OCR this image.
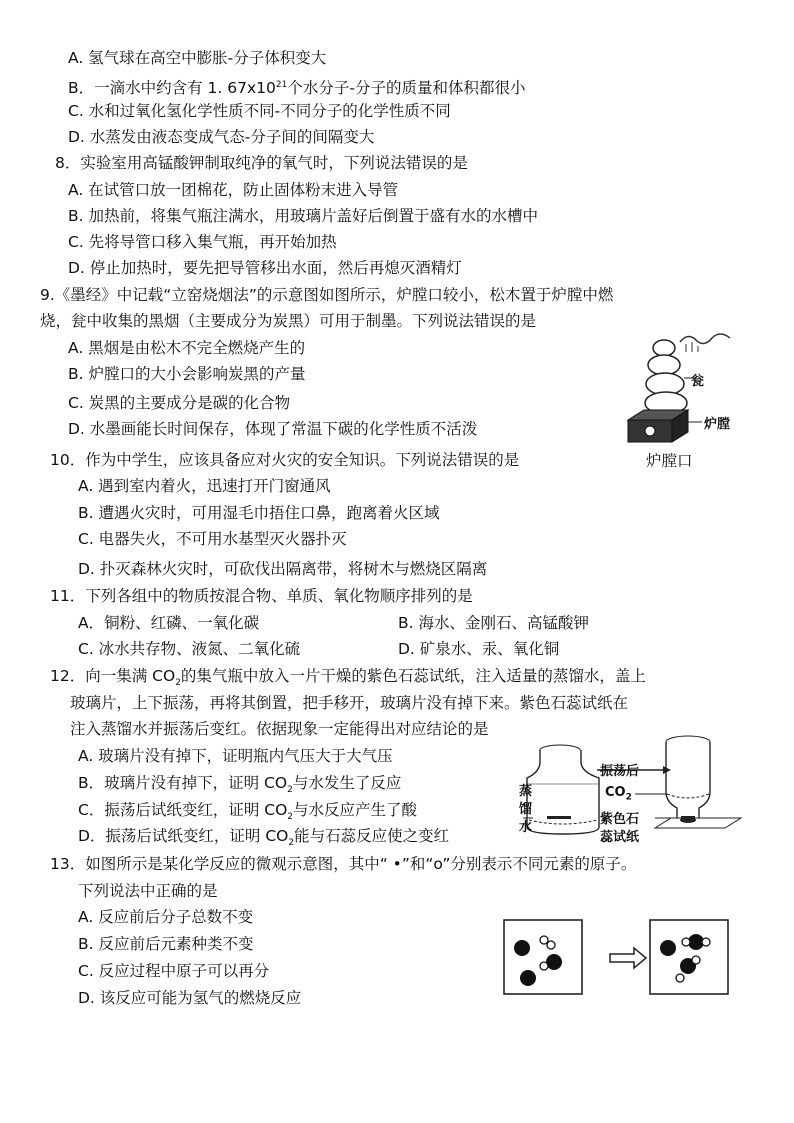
A. 氢气球在高空中膨胀-分子体积变大
B．一滴水中约含有 1. $67x10^{21}$个水分子-分子的质量和体积都很小
C. 水和过氧化氢化学性质不同-不同分子的化学性质不同
D. 水蒸发由液态变成气态-分子间的间隔变大
8．实验室用高锰酸钾制取纯净的氧气时，下列说法错误的是
A. 在试管口放一团棉花，防止固体粉末进入导管
B. 加热前，将集气瓶注满水，用玻璃片盖好后倒置于盛有水的水槽中
C. 先将导管口移入集气瓶，再开始加热
D. 停止加热时，要先把导管移出水面，然后再熄灭酒精灯
9.《墨经》中记载“立窑烧烟法”的示意图如图所示，炉膛口较小，松木置于炉膛中燃
烧，瓮中收集的黑烟（主要成分为炭黑）可用于制墨。下列说法错误的是
A. 黑烟是由松木不完全燃烧产生的
B. 炉膛口的大小会影响炭黑的产量
C. 炭黑的主要成分是碳的化合物
D. 水墨画能长时间保存，体现了常温下碳的化学性质不活泼
瓮
炉膛
炉膛口
10．作为中学生，应该具备应对火灾的安全知识。下列说法错误的是
A. 遇到室内着火，迅速打开门窗通风
B. 遭遇火灾时，可用湿毛巾捂住口鼻，跑离着火区域
C. 电器失火，不可用水基型灭火器扑灭
D. 扑灭森林火灾时，可砍伐出隔离带，将树木与燃烧区隔离
11．下列各组中的物质按混合物、单质、氧化物顺序排列的是
A．铜粉、红磷、一氧化碳	B. 海水、金刚石、高锰酸钾
C. 冰水共存物、液氮、二氧化硫	D. 矿泉水、汞、氧化铜
12．向一集满 $CO_2$的集气瓶中放入一片干燥的紫色石蕊试纸，注入适量的蒸馏水，盖上
玻璃片，上下振荡，再将其倒置，把手移开，玻璃片没有掉下来。紫色石蕊试纸在
注入蒸馏水并振荡后变红。依据现象一定能得出对应结论的是
A. 玻璃片没有掉下，证明瓶内气压大于大气压
B．玻璃片没有掉下，证明 $CO_2$与水发生了反应
C．振荡后试纸变红，证明 $CO_2$与水反应产生了酸
D．振荡后试纸变红，证明 $CO_2$能与石蕊反应使之变红
振荡后
$CO_2$
蒸
馏
水
紫色石
蕊试纸
13．如图所示是某化学反应的微观示意图，其中“ •”和“o”分别表示不同元素的原子。
下列说法中正确的是
A. 反应前后分子总数不变
B. 反应前后元素种类不变
C. 反应过程中原子可以再分
D. 该反应可能为氢气的燃烧反应
